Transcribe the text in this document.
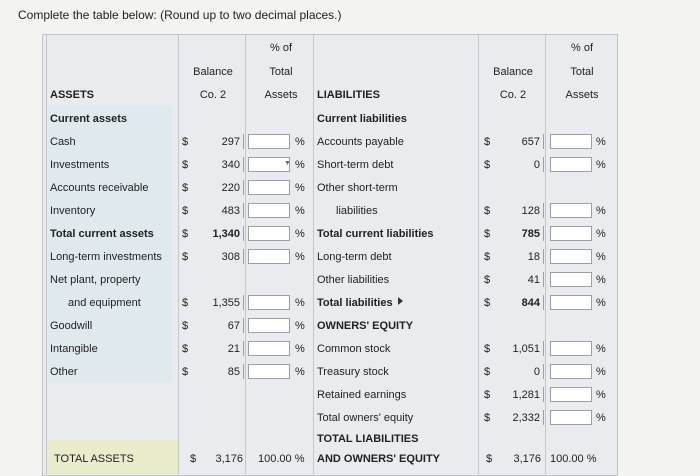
Complete the table below: (Round up to two decimal places.)
% of
Balance	Total
ASSETS	Co. 2	Assets	LIABILITIES
% of
Balance	Total
Co. 2	Assets
Current assets
Cash	$	297	%
Investments	$	340	%
Accounts receivable	$	220	%
Inventory	$	483	%
Total current assets	$	1,340	%
Long-term investments $	308	%
Net plant, property
and equipment	$	1,355	%
Goodwill	$	67	%
Intangible	$	21	%
Other	$	85	%
Current liabilities
Accounts payable	$	657	%
Short-term debt	$	0	%
Other short-term
liabilities	$	128	%
Total current liabilities	$	785	%
Long-term debt	$	18	%
Other liabilities	$	41	%
Total liabilities	$	844	%
OWNERS' EQUITY
Common stock	$	1,051	%
Treasury stock	$	0	%
Retained earnings	$	1,281	%
Total owners' equity	$	2,332	%
TOTAL ASSETS	$	3,176 100.00 %
TOTAL LIABILITIES
AND OWNERS' EQUITY	$	3,176 100.00 %
▼
